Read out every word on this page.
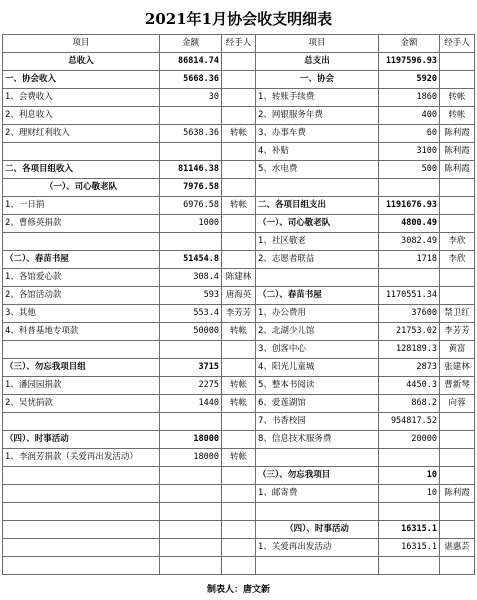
2021年1月协会收支明细表
项目	金额	经手人	项目	金额	经手人
总收入	86814.74		总支出	1197596.93	
一、协会收入	5668.36		一、协会	5920	
1、会费收入	30		1、转账手续费	1860	转帐
2、利息收入			2、网银服务年费	400	转帐
2、理财红利收入	5638.36	转帐	3、办事车费	60	陈利霞
			4、补贴	3100	陈利霞
二、各项目组收入	81146.38		5、水电费	500	陈利霞
（一）、司心敬老队	7976.58				
1、一日捐	6976.58	转帐	二、各项目组支出	1191676.93	
2、曹修英捐款	1000		（一）、司心敬老队	4800.49	
			1、社区敬老	3082.49	李欣
（二）、春苗书屋	51454.8		2、志愿者联益	1718	李欣
1、各馆爱心款	308.4	陈建林			
2、各馆活动款	593	唐海英	（二）、春苗书屋	1170551.34	
3、其他	553.4	李芳芳	1、办公费用	37600	禁卫红
4、科普基地专项款	50000	转帐	2、北湖少儿馆	21753.02	李芳芳
			3、创客中心	128189.3	黄富
（三）、勿忘我项目组	3715		4、阳光儿童城	2873	张建林
1、潘园园捐款	2275	转帐	5、整本书阅读	4450.3	曹新琴
2、吴忧捐款	1440	转帐	6、爱莲湖馆	868.2	向蓉
			7、书香校园	954817.52	
（四）、时事活动	18000		8、信息技术服务费	20000	
1、李润芳捐款（关爱再出发活动）	18000	转帐			
			（三）、勿忘我项目	10	
			1、邮寄费	10	陈利霞

			（四）、时事活动	16315.1	
			1、关爱再出发活动	16315.1	谌惠芸

制表人：唐文新
